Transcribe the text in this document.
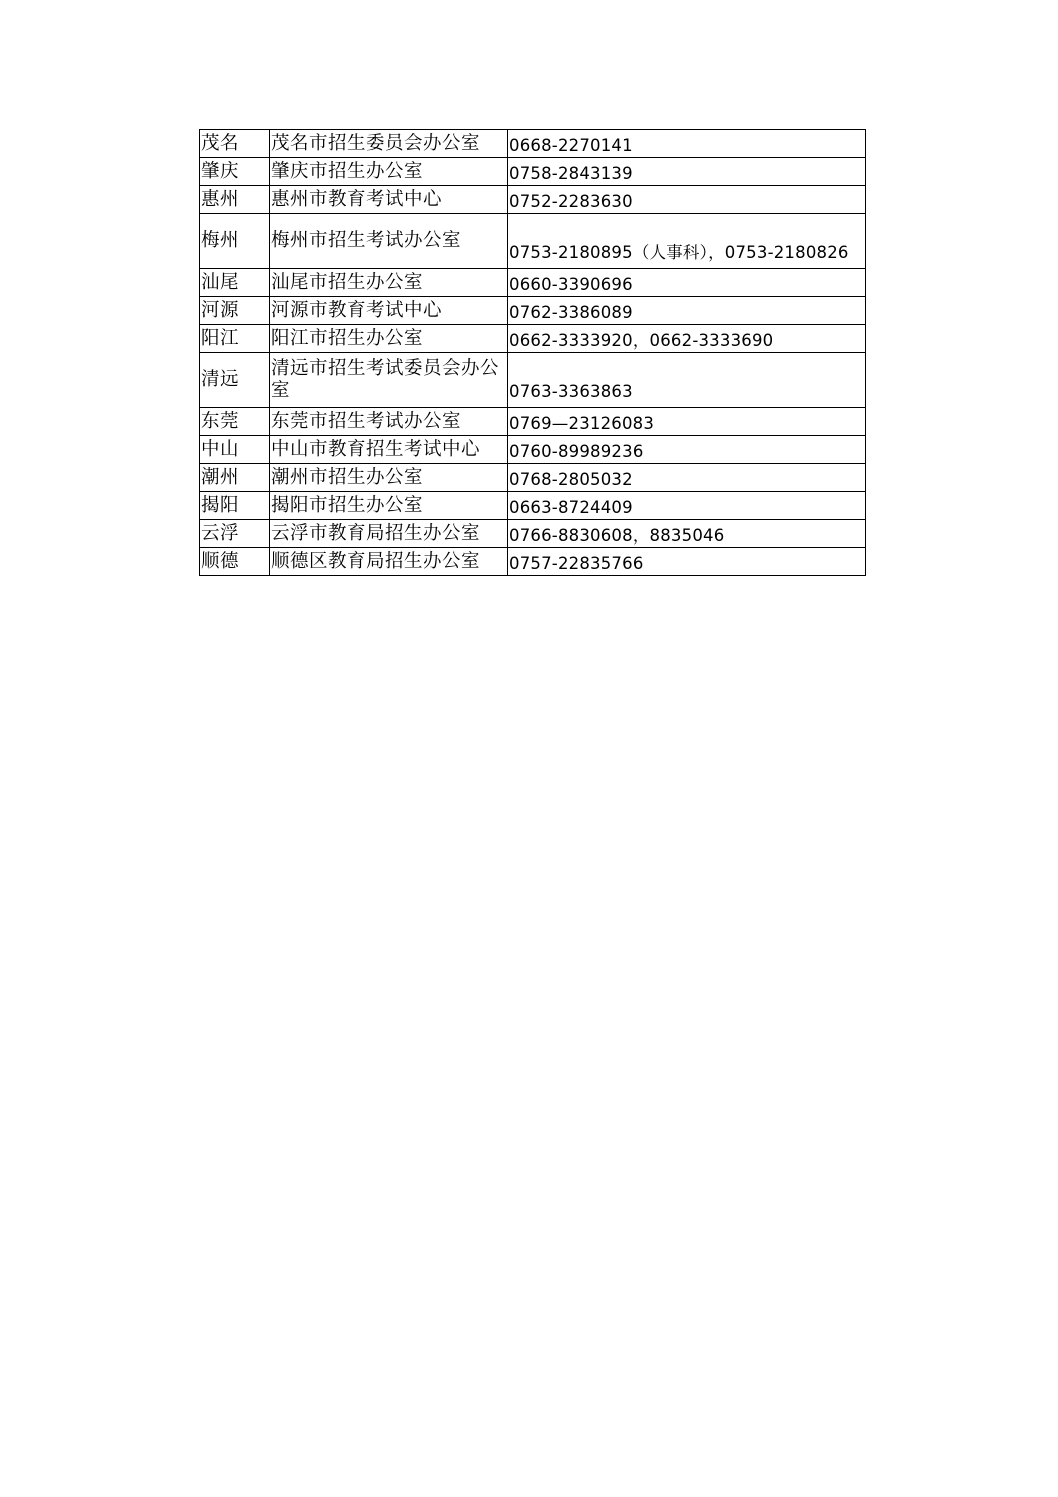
茂名	茂名市招生委员会办公室	0668-2270141
肇庆	肇庆市招生办公室	0758-2843139
惠州	惠州市教育考试中心	0752-2283630
梅州	梅州市招生考试办公室	0753-2180895（人事科），0753-2180826
汕尾	汕尾市招生办公室	0660-3390696
河源	河源市教育考试中心	0762-3386089
阳江	阳江市招生办公室	0662-3333920，0662-3333690
清远	清远市招生考试委员会办公室	0763-3363863
东莞	东莞市招生考试办公室	0769—23126083
中山	中山市教育招生考试中心	0760-89989236
潮州	潮州市招生办公室	0768-2805032
揭阳	揭阳市招生办公室	0663-8724409
云浮	云浮市教育局招生办公室	0766-8830608，8835046
顺德	顺德区教育局招生办公室	0757-22835766
